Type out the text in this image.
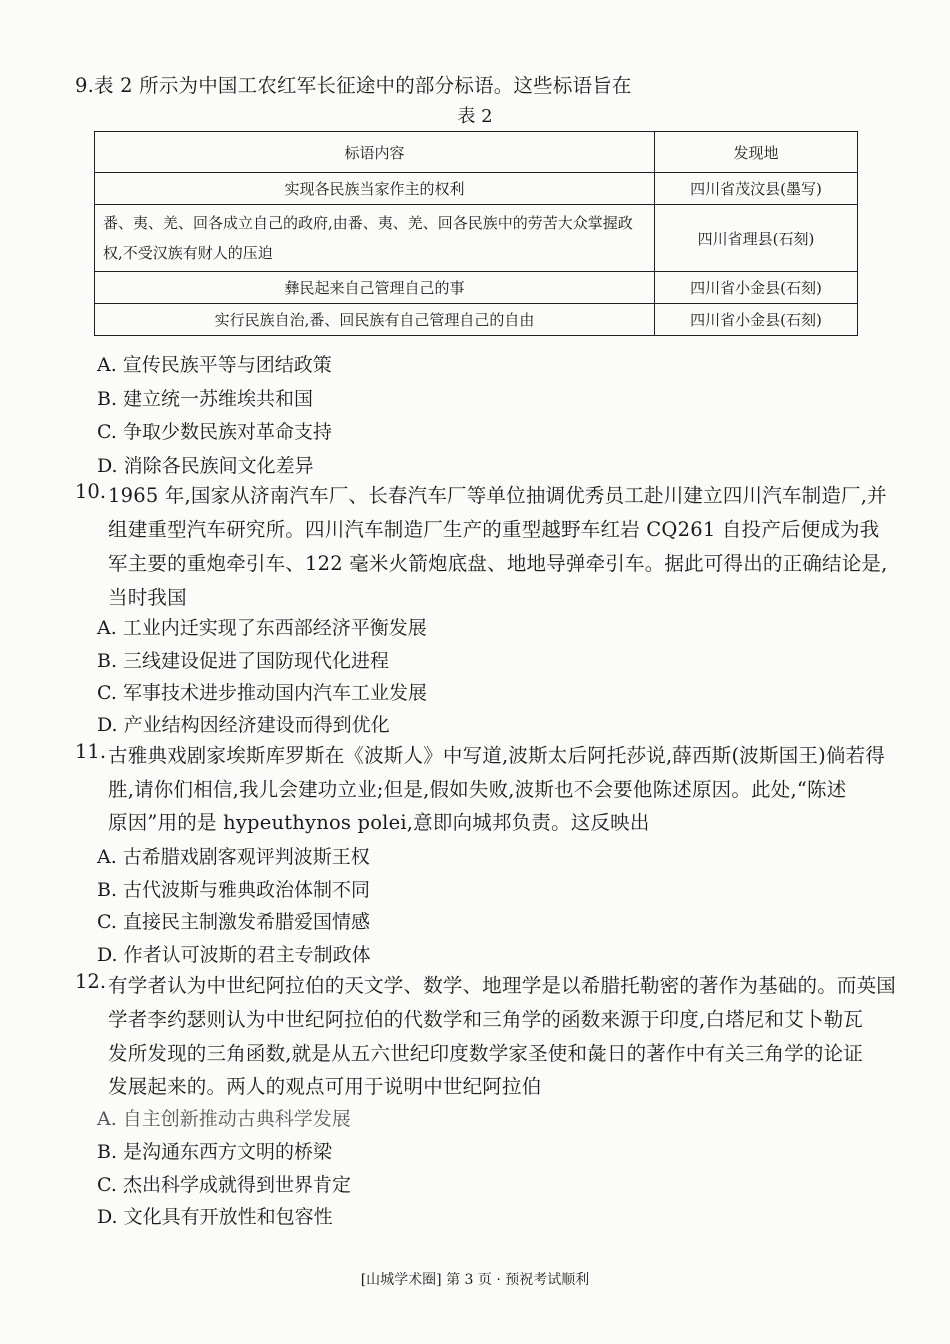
9.表 2 所示为中国工农红军长征途中的部分标语。这些标语旨在
表 2
标语内容	发现地
实现各民族当家作主的权利	四川省茂汶县(墨写)
番、夷、羌、回各成立自己的政府,由番、夷、羌、回各民族中的劳苦大众掌握政权,不受汉族有财人的压迫	四川省理县(石刻)
彝民起来自己管理自己的事	四川省小金县(石刻)
实行民族自治,番、回民族有自己管理自己的自由	四川省小金县(石刻)
A. 宣传民族平等与团结政策
B. 建立统一苏维埃共和国
C. 争取少数民族对革命支持
D. 消除各民族间文化差异
10. 1965 年,国家从济南汽车厂、长春汽车厂等单位抽调优秀员工赴川建立四川汽车制造厂,并
组建重型汽车研究所。四川汽车制造厂生产的重型越野车红岩 CQ261 自投产后便成为我
军主要的重炮牵引车、122 毫米火箭炮底盘、地地导弹牵引车。据此可得出的正确结论是,
当时我国
A. 工业内迁实现了东西部经济平衡发展
B. 三线建设促进了国防现代化进程
C. 军事技术进步推动国内汽车工业发展
D. 产业结构因经济建设而得到优化
11. 古雅典戏剧家埃斯库罗斯在《波斯人》中写道,波斯太后阿托莎说,薛西斯(波斯国王)倘若得
胜,请你们相信,我儿会建功立业;但是,假如失败,波斯也不会要他陈述原因。此处,“陈述
原因”用的是 hypeuthynos polei,意即向城邦负责。这反映出
A. 古希腊戏剧客观评判波斯王权
B. 古代波斯与雅典政治体制不同
C. 直接民主制激发希腊爱国情感
D. 作者认可波斯的君主专制政体
12. 有学者认为中世纪阿拉伯的天文学、数学、地理学是以希腊托勒密的著作为基础的。而英国
学者李约瑟则认为中世纪阿拉伯的代数学和三角学的函数来源于印度,白塔尼和艾卜勒瓦
发所发现的三角函数,就是从五六世纪印度数学家圣使和彘日的著作中有关三角学的论证
发展起来的。两人的观点可用于说明中世纪阿拉伯
A. 自主创新推动古典科学发展
B. 是沟通东西方文明的桥梁
C. 杰出科学成就得到世界肯定
D. 文化具有开放性和包容性
[山城学术圈] 第 3 页 · 预祝考试顺利
